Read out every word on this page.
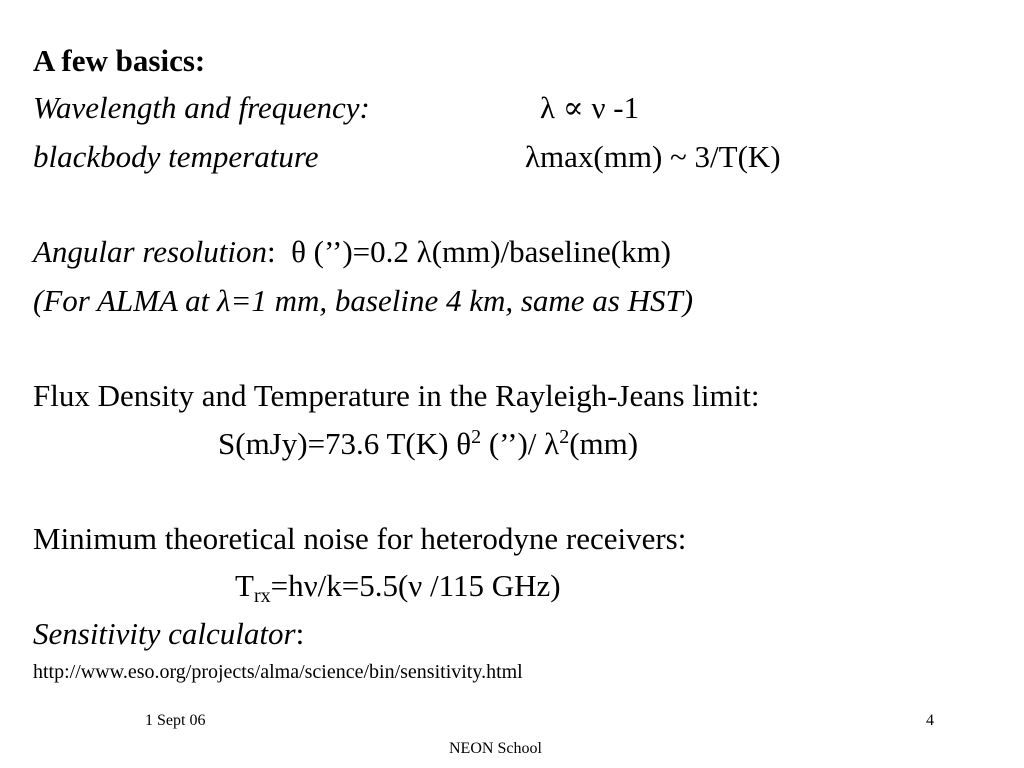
A few basics:
Wavelength and frequency:	λ ∝ ν -1
blackbody temperature	λmax(mm) ~ 3/T(K)
Angular resolution: θ (’’)=0.2 λ(mm)/baseline(km)
(For ALMA at λ=1 mm, baseline 4 km, same as HST)
Flux Density and Temperature in the Rayleigh-Jeans limit:
S(mJy)=73.6 T(K) $\theta^2$ (’’)/ $\lambda^2(mm)$
Minimum theoretical noise for heterodyne receivers:
$T_{rx}=h\nu/k=5.5(\nu$ /115 GHz)
Sensitivity calculator:
http://www.eso.org/projects/alma/science/bin/sensitivity.html
1 Sept 06	4
NEON School
